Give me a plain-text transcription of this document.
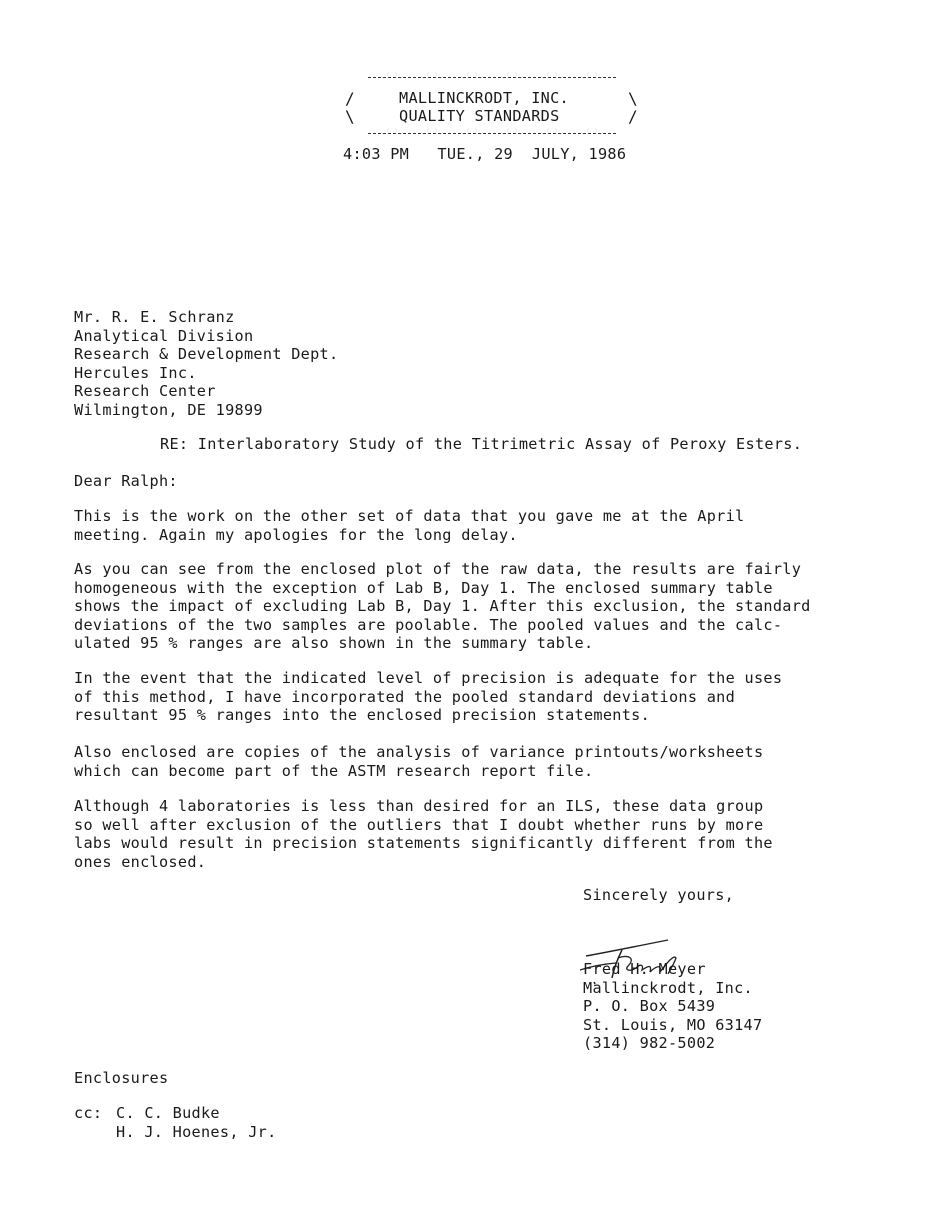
/	\
\	/
MALLINCKRODT, INC.
QUALITY STANDARDS
4:03 PM   TUE., 29  JULY, 1986
Mr. R. E. Schranz
Analytical Division
Research & Development Dept.
Hercules Inc.
Research Center
Wilmington, DE 19899
RE: Interlaboratory Study of the Titrimetric Assay of Peroxy Esters.
Dear Ralph:
This is the work on the other set of data that you gave me at the April
meeting. Again my apologies for the long delay.
As you can see from the enclosed plot of the raw data, the results are fairly
homogeneous with the exception of Lab B, Day 1. The enclosed summary table
shows the impact of excluding Lab B, Day 1. After this exclusion, the standard
deviations of the two samples are poolable. The pooled values and the calc-
ulated 95 % ranges are also shown in the summary table.
In the event that the indicated level of precision is adequate for the uses
of this method, I have incorporated the pooled standard deviations and
resultant 95 % ranges into the enclosed precision statements.
Also enclosed are copies of the analysis of variance printouts/worksheets
which can become part of the ASTM research report file.
Although 4 laboratories is less than desired for an ILS, these data group
so well after exclusion of the outliers that I doubt whether runs by more
labs would result in precision statements significantly different from the
ones enclosed.
Sincerely yours,

Fred H. Meyer
Mallinckrodt, Inc.
P. O. Box 5439
St. Louis, MO 63147
(314) 982-5002
Enclosures
cc: C. C. Budke
H. J. Hoenes, Jr.
